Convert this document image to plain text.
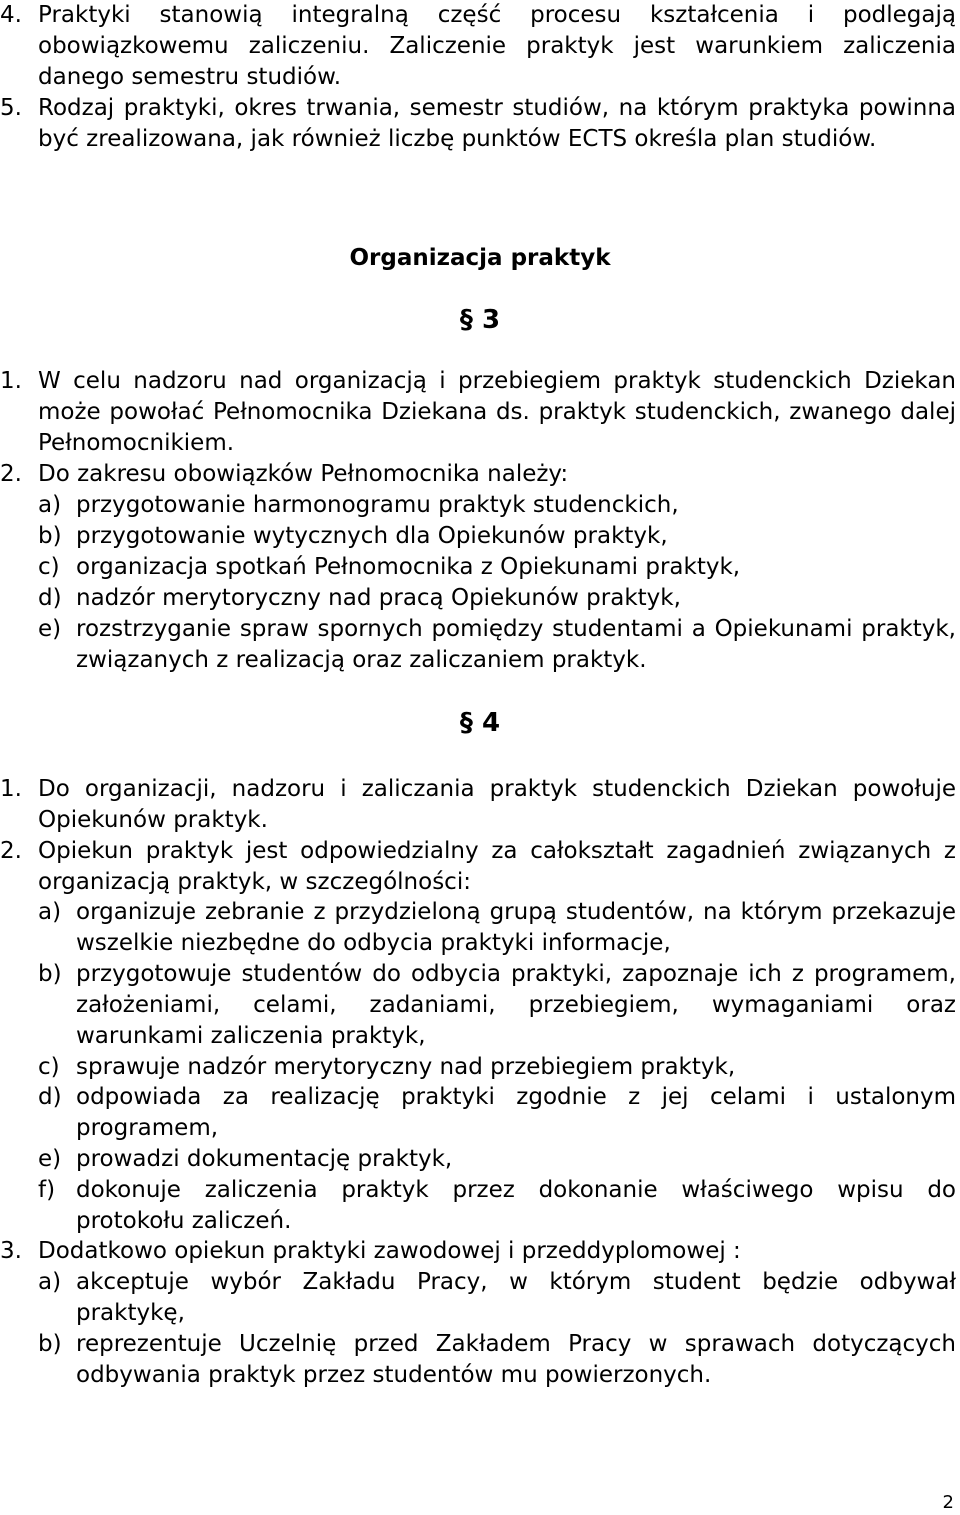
4. Praktyki stanowią integralną część procesu kształcenia i podlegają obowiązkowemu zaliczeniu. Zaliczenie praktyk jest warunkiem zaliczenia danego semestru studiów.
5. Rodzaj praktyki, okres trwania, semestr studiów, na którym praktyka powinna być zrealizowana, jak również liczbę punktów ECTS określa plan studiów.
Organizacja praktyk
§ 3
1. W celu nadzoru nad organizacją i przebiegiem praktyk studenckich Dziekan może powołać Pełnomocnika Dziekana ds. praktyk studenckich, zwanego dalej Pełnomocnikiem.
2. Do zakresu obowiązków Pełnomocnika należy:
a) przygotowanie harmonogramu praktyk studenckich,
b) przygotowanie wytycznych dla Opiekunów praktyk,
c) organizacja spotkań Pełnomocnika z Opiekunami praktyk,
d) nadzór merytoryczny nad pracą Opiekunów praktyk,
e) rozstrzyganie spraw spornych pomiędzy studentami a Opiekunami praktyk, związanych z realizacją oraz zaliczaniem praktyk.
§ 4
1. Do organizacji, nadzoru i zaliczania praktyk studenckich Dziekan powołuje Opiekunów praktyk.
2. Opiekun praktyk jest odpowiedzialny za całokształt zagadnień związanych z organizacją praktyk, w szczególności:
a) organizuje zebranie z przydzieloną grupą studentów, na którym przekazuje wszelkie niezbędne do odbycia praktyki informacje,
b) przygotowuje studentów do odbycia praktyki, zapoznaje ich z programem, założeniami, celami, zadaniami, przebiegiem, wymaganiami oraz warunkami zaliczenia praktyk,
c) sprawuje nadzór merytoryczny nad przebiegiem praktyk,
d) odpowiada za realizację praktyki zgodnie z jej celami i ustalonym programem,
e) prowadzi dokumentację praktyk,
f) dokonuje zaliczenia praktyk przez dokonanie właściwego wpisu do protokołu zaliczeń.
3. Dodatkowo opiekun praktyki zawodowej i przeddyplomowej :
a) akceptuje wybór Zakładu Pracy, w którym student będzie odbywał praktykę,
b) reprezentuje Uczelnię przed Zakładem Pracy w sprawach dotyczących odbywania praktyk przez studentów mu powierzonych.
2
